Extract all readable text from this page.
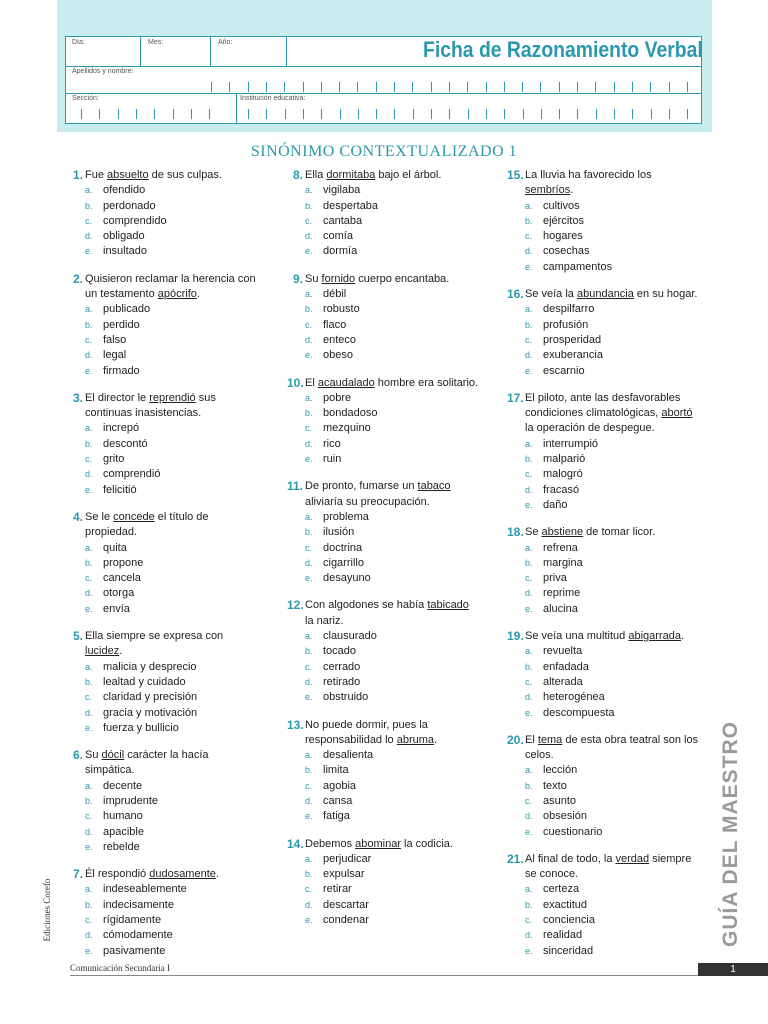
Día:	Mes:	Año:
Apellidos y nombre:
Sección:	Institución educativa:
Ficha de Razonamiento Verbal
SINÓNIMO CONTEXTUALIZADO 1
1. Fue absuelto de sus culpas.
a. ofendido
b. perdonado
c. comprendido
d. obligado
e. insultado
2. Quisieron reclamar la herencia con un testamento apócrifo.
a. publicado
b. perdido
c. falso
d. legal
e. firmado
3. El director le reprendió sus continuas inasistencias.
a. increpó
b. descontó
c. grito
d. comprendió
e. felicitió
4. Se le concede el título de propiedad.
a. quita
b. propone
c. cancela
d. otorga
e. envía
5. Ella siempre se expresa con lucidez.
a. malicia y desprecio
b. lealtad y cuidado
c. claridad y precisión
d. gracia y motivación
e. fuerza y bullicio
6. Su dócil carácter la hacía simpática.
a. decente
b. imprudente
c. humano
d. apacible
e. rebelde
7. Él respondió dudosamente.
a. indeseablemente
b. indecisamente
c. rígidamente
d. cómodamente
e. pasivamente
8. Ella dormitaba bajo el árbol.
a. vigilaba
b. despertaba
c. cantaba
d. comía
e. dormía
9. Su fornido cuerpo encantaba.
a. débil
b. robusto
c. flaco
d. enteco
e. obeso
10. El acaudalado hombre era solitario.
a. pobre
b. bondadoso
c. mezquino
d. rico
e. ruin
11. De pronto, fumarse un tabaco aliviaría su preocupación.
a. problema
b. ilusión
c. doctrina
d. cigarrillo
e. desayuno
12. Con algodones se había tabicado la nariz.
a. clausurado
b. tocado
c. cerrado
d. retirado
e. obstruido
13. No puede dormir, pues la responsabilidad lo abruma.
a. desalienta
b. limita
c. agobia
d. cansa
e. fatiga
14. Debemos abominar la codicia.
a. perjudicar
b. expulsar
c. retirar
d. descartar
e. condenar
15. La lluvia ha favorecido los sembríos.
a. cultivos
b. ejércitos
c. hogares
d. cosechas
e. campamentos
16. Se veía la abundancia en su hogar.
a. despilfarro
b. profusión
c. prosperidad
d. exuberancia
e. escarnio
17. El piloto, ante las desfavorables condiciones climatológicas, abortó la operación de despegue.
a. interrumpió
b. malparió
c. malogró
d. fracasó
e. daño
18. Se abstiene de tomar licor.
a. refrena
b. margina
c. priva
d. reprime
e. alucina
19. Se veía una multitud abigarrada.
a. revuelta
b. enfadada
c. alterada
d. heterogénea
e. descompuesta
20. El tema de esta obra teatral son los celos.
a. lección
b. texto
c. asunto
d. obsesión
e. cuestionario
21. Al final de todo, la verdad siempre se conoce.
a. certeza
b. exactitud
c. conciencia
d. realidad
e. sinceridad
GUÍA DEL MAESTRO
Ediciones Corefo
Comunicación Secundaria I	1
